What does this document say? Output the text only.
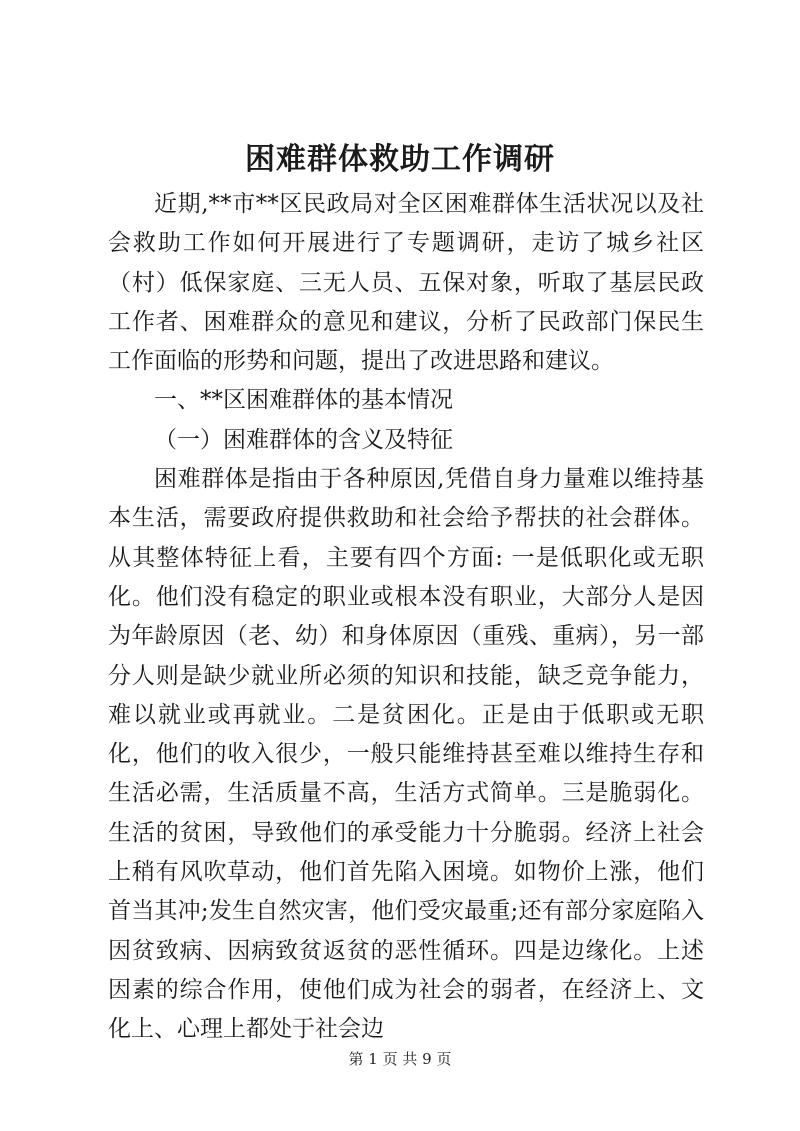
困难群体救助工作调研

近期,**市**区民政局对全区困难群体生活状况以及社会救助工作如何开展进行了专题调研，走访了城乡社区（村）低保家庭、三无人员、五保对象，听取了基层民政工作者、困难群众的意见和建议，分析了民政部门保民生工作面临的形势和问题，提出了改进思路和建议。

一、**区困难群体的基本情况

（一）困难群体的含义及特征

困难群体是指由于各种原因,凭借自身力量难以维持基本生活，需要政府提供救助和社会给予帮扶的社会群体。从其整体特征上看，主要有四个方面: 一是低职化或无职化。他们没有稳定的职业或根本没有职业，大部分人是因为年龄原因（老、幼）和身体原因（重残、重病），另一部分人则是缺少就业所必须的知识和技能，缺乏竞争能力，难以就业或再就业。二是贫困化。正是由于低职或无职化，他们的收入很少，一般只能维持甚至难以维持生存和生活必需，生活质量不高，生活方式简单。三是脆弱化。生活的贫困，导致他们的承受能力十分脆弱。经济上社会上稍有风吹草动，他们首先陷入困境。如物价上涨，他们首当其冲;发生自然灾害，他们受灾最重;还有部分家庭陷入因贫致病、因病致贫返贫的恶性循环。四是边缘化。上述因素的综合作用，使他们成为社会的弱者，在经济上、文化上、心理上都处于社会边

第 1 页 共 9 页
